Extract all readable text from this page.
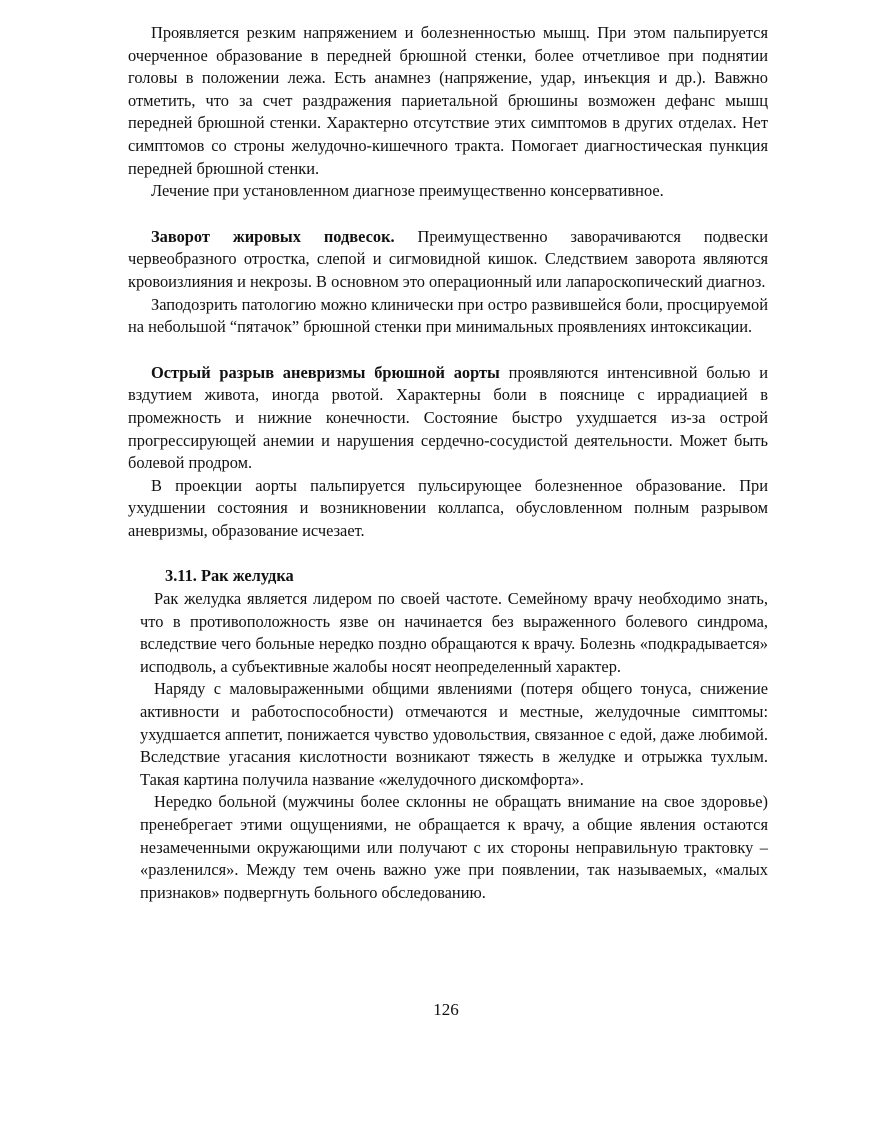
Проявляется резким напряжением и болезненностью мышц. При этом пальпируется очерченное образование в передней брюшной стенки, более отчетливое при поднятии головы в положении лежа. Есть анамнез (напряжение, удар, инъекция и др.). Вавжно отметить, что за счет раздражения париетальной брюшины возможен дефанс мышц передней брюшной стенки. Характерно отсутствие этих симптомов в других отделах. Нет симптомов со строны желудочно-кишечного тракта. Помогает диагностическая пункция передней брюшной стенки.

Лечение при установленном диагнозе преимущественно консервативное.

Заворот жировых подвесок. Преимущественно заворачиваются подвески червеобразного отростка, слепой и сигмовидной кишок. Следствием заворота являются кровоизлияния и некрозы. В основном это операционный или лапароскопический диагноз.

Заподозрить патологию можно клинически при остро развившейся боли, просцируемой на небольшой “пятачок” брюшной стенки при минимальных проявлениях интоксикации.

Острый разрыв аневризмы брюшной аорты проявляются интенсивной болью и вздутием живота, иногда рвотой. Характерны боли в пояснице с иррадиацией в промежность и нижние конечности. Состояние быстро ухудшается из-за острой прогрессирующей анемии и нарушения сердечно-сосудистой деятельности. Может быть болевой продром.

В проекции аорты пальпируется пульсирующее болезненное образование. При ухудшении состояния и возникновении коллапса, обусловленном полным разрывом аневризмы, образование исчезает.

3.11. Рак желудка

Рак желудка является лидером по своей частоте. Семейному врачу необходимо знать, что в противоположность язве он начинается без выраженного болевого синдрома, вследствие чего больные нередко поздно обращаются к врачу. Болезнь «подкрадывается» исподволь, а субъективные жалобы носят неопределенный характер.

Наряду с маловыраженными общими явлениями (потеря общего тонуса, снижение активности и работоспособности) отмечаются и местные, желудочные симптомы: ухудшается аппетит, понижается чувство удовольствия, связанное с едой, даже любимой. Вследствие угасания кислотности возникают тяжесть в желудке и отрыжка тухлым. Такая картина получила название «желудочного дискомфорта».

Нередко больной (мужчины более склонны не обращать внимание на свое здоровье) пренебрегает этими ощущениями, не обращается к врачу, а общие явления остаются незамеченными окружающими или получают с их стороны неправильную трактовку – «разленился». Между тем очень важно уже при появлении, так называемых, «малых признаков» подвергнуть больного обследованию.

126
